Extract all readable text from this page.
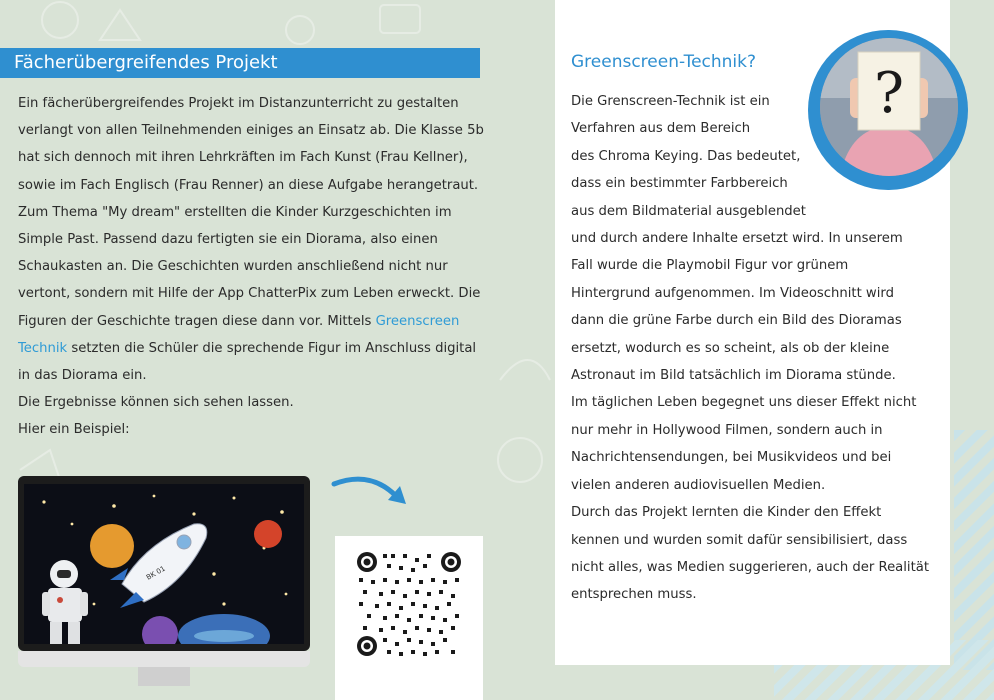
Fächerübergreifendes Projekt

Ein fächerübergreifendes Projekt im Distanzunterricht zu gestalten

verlangt von allen Teilnehmenden einiges an Einsatz ab. Die Klasse 5b

hat sich dennoch mit ihren Lehrkräften im Fach Kunst (Frau Kellner),

sowie im Fach Englisch (Frau Renner) an diese Aufgabe herangetraut.

Zum Thema "My dream" erstellten die Kinder Kurzgeschichten im

Simple Past. Passend dazu fertigten sie ein Diorama, also einen

Schaukasten an. Die Geschichten wurden anschließend nicht nur

vertont, sondern mit Hilfe der App ChatterPix zum Leben erweckt. Die

Figuren der Geschichte tragen diese dann vor. Mittels Greenscreen

Technik setzten die Schüler die sprechende Figur im Anschluss digital

in das Diorama ein.

Die Ergebnisse können sich sehen lassen.

Hier ein Beispiel:

BK 01
Greenscreen-Technik?

Die Grenscreen-Technik ist ein

Verfahren aus dem Bereich

des Chroma Keying. Das bedeutet,

dass ein bestimmter Farbbereich

aus dem Bildmaterial ausgeblendet

und durch andere Inhalte ersetzt wird. In unserem

Fall wurde die Playmobil Figur vor grünem

Hintergrund aufgenommen. Im Videoschnitt wird

dann die grüne Farbe durch ein Bild des Dioramas

ersetzt, wodurch es so scheint, als ob der kleine

Astronaut im Bild tatsächlich im Diorama stünde.

Im täglichen Leben begegnet uns dieser Effekt nicht

nur mehr in Hollywood Filmen, sondern auch in

Nachrichtensendungen, bei Musikvideos und bei

vielen anderen audiovisuellen Medien.

Durch das Projekt lernten die Kinder den Effekt

kennen und wurden somit dafür sensibilisiert, dass

nicht alles, was Medien suggerieren, auch der Realität

entsprechen muss.

?
